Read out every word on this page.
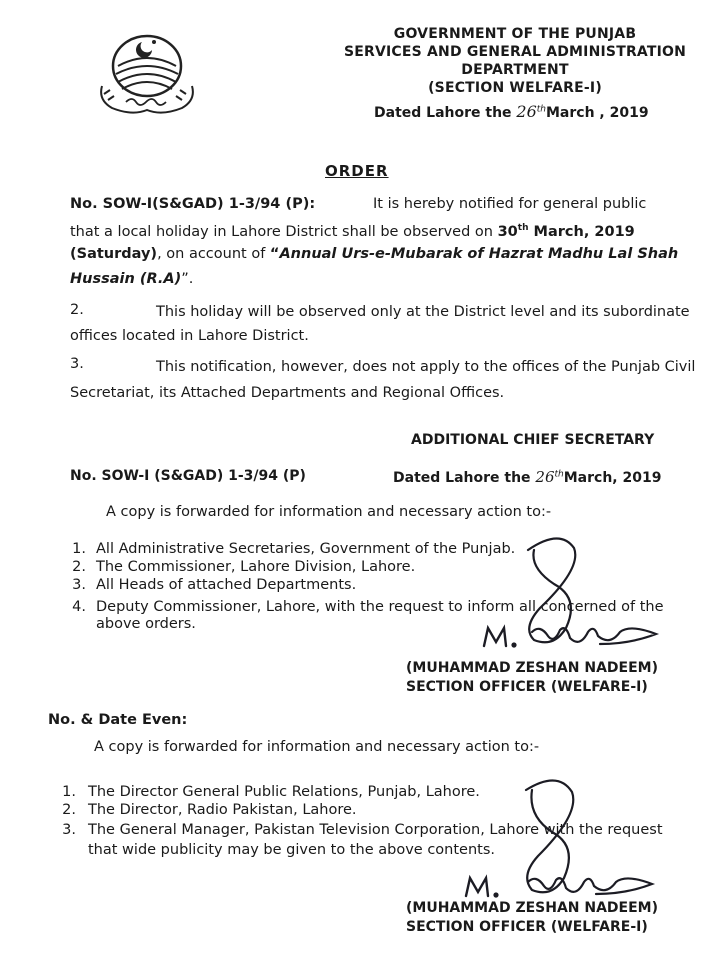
GOVERNMENT OF THE PUNJAB
SERVICES AND GENERAL ADMINISTRATION
DEPARTMENT
(SECTION WELFARE-I)
Dated Lahore the 26thMarch , 2019
ORDER
No. SOW-I(S&GAD) 1-3/94 (P):	It is hereby notified for general public
that a local holiday in Lahore District shall be observed on 30th March, 2019
(Saturday), on account of “Annual Urs-e-Mubarak of Hazrat Madhu Lal Shah
Hussain (R.A)”.
2.	This holiday will be observed only at the District level and its subordinate
offices located in Lahore District.
3.	This notification, however, does not apply to the offices of the Punjab Civil
Secretariat, its Attached Departments and Regional Offices.
ADDITIONAL CHIEF SECRETARY
No. SOW-I (S&GAD) 1-3/94 (P)	Dated Lahore the 26thMarch, 2019
A copy is forwarded for information and necessary action to:-
1. All Administrative Secretaries, Government of the Punjab.
2. The Commissioner, Lahore Division, Lahore.
3. All Heads of attached Departments.
4. Deputy Commissioner, Lahore, with the request to inform all concerned of the
above orders.
(MUHAMMAD ZESHAN NADEEM)
SECTION OFFICER (WELFARE-I)
No. & Date Even:
A copy is forwarded for information and necessary action to:-
1. The Director General Public Relations, Punjab, Lahore.
2. The Director, Radio Pakistan, Lahore.
3. The General Manager, Pakistan Television Corporation, Lahore with the request
that wide publicity may be given to the above contents.
(MUHAMMAD ZESHAN NADEEM)
SECTION OFFICER (WELFARE-I)
